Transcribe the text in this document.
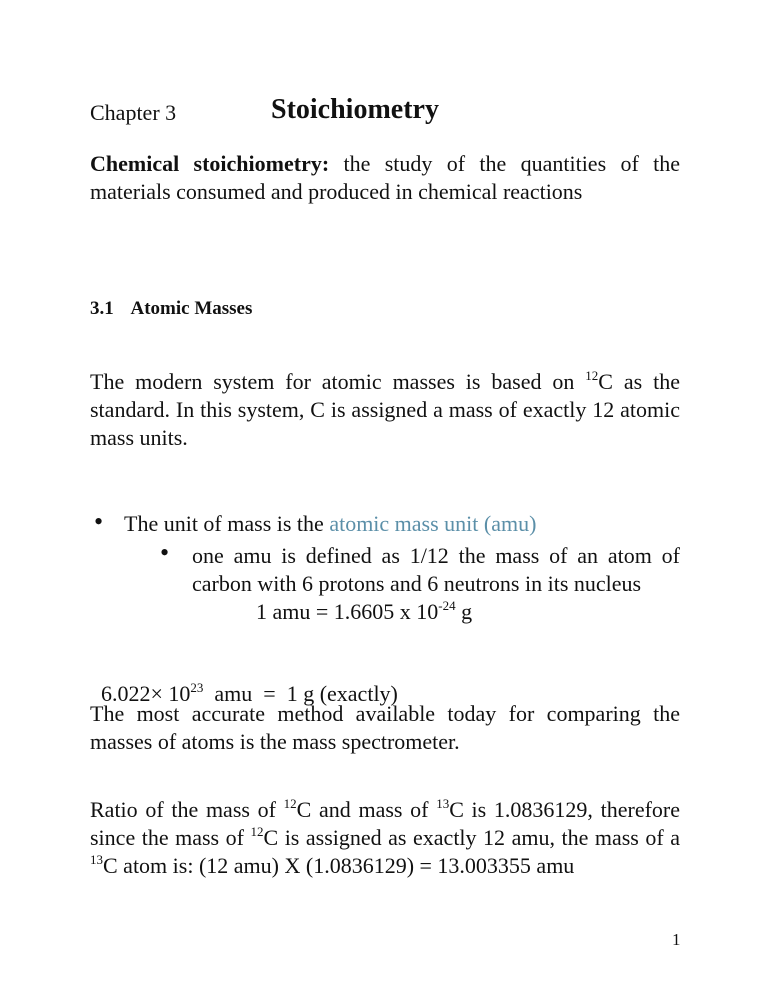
Chapter 3	Stoichiometry

Chemical stoichiometry: the study of the quantities of the materials consumed and produced in chemical reactions

3.1 Atomic Masses

The modern system for atomic masses is based on $^{12}$C as the standard. In this system, C is assigned a mass of exactly 12 atomic mass units.

• The unit of mass is the atomic mass unit (amu)
• one amu is defined as 1/12 the mass of an atom of
carbon with 6 protons and 6 neutrons in its nucleus
1 amu = 1.6605 x $10^{-24}$ g

$6.022\times 10^{23}$  amu  =  1 g (exactly)

The most accurate method available today for comparing the masses of atoms is the mass spectrometer.

Ratio of the mass of $^{12}$C and mass of $^{13}$C is 1.0836129, therefore since the mass of $^{12}$C is assigned as exactly 12 amu, the mass of a $^{13}$C atom is: (12 amu) X (1.0836129) = 13.003355 amu

1
